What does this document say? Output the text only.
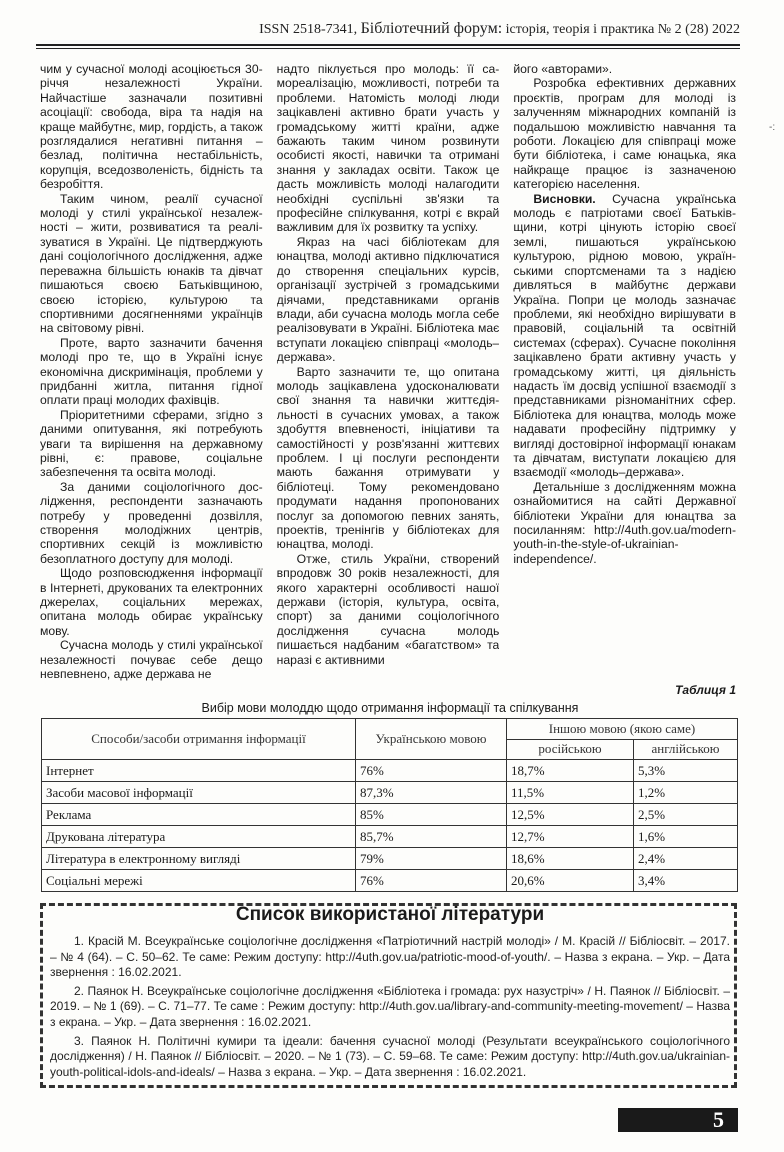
ISSN 2518-7341, Бібліотечний форум: історія, теорія і практика № 2 (28) 2022
-:

чим у сучасної молоді асоціюється 30-річчя незалежності України. Найчастіше зазначали позитивні асоціації: свобода, віра та надія на краще майбутнє, мир, гордість, а також розглядалися негативні питання – безлад, політична нестабільність, корупція, вседозволеність, бідність та безробіття.

Таким чином, реалії сучасної молоді у стилі української незалежності – жити, розвиватися та реалізуватися в Україні. Це підтверджують дані соціологічного дослідження, адже переважна більшість юнаків та дівчат пишаються своєю Батьківщиною, своєю історією, культурою та спортивними досягненнями українців на світовому рівні.

Проте, варто зазначити бачення молоді про те, що в Україні існує економічна дискримінація, проблеми у придбанні житла, питання гідної оплати праці молодих фахівців.

Пріоритетними сферами, згідно з даними опитування, які потребують уваги та вирішення на державному рівні, є: правове, соціальне забезпечення та освіта молоді.

За даними соціологічного дослідження, респонденти зазначають потребу у проведенні дозвілля, створення молодіжних центрів, спортивних секцій із можливістю безоплатного доступу для молоді.

Щодо розповсюдження інформації в Інтернеті, друкованих та електронних джерелах, соціальних мережах, опитана молодь обирає українську мову.

Сучасна молодь у стилі української незалежності почуває себе дещо невпевнено, адже держава не

надто піклується про молодь: її самореалізацію, можливості, потреби та проблеми. Натомість молоді люди зацікавлені активно брати участь у громадському житті країни, адже бажають таким чином розвинути особисті якості, навички та отримані знання у закладах освіти. Також це дасть можливість молоді налагодити необхідні суспільні зв'язки та професійне спілкування, котрі є вкрай важливим для їх розвитку та успіху.

Якраз на часі бібліотекам для юнацтва, молоді активно підключатися до створення спеціальних курсів, організації зустрічей з громадськими діячами, представниками органів влади, аби сучасна молодь могла себе реалізовувати в Україні. Бібліотека має вступати локацією співпраці «молодь–держава».

Варто зазначити те, що опитана молодь зацікавлена удосконалювати свої знання та навички життєдіяльності в сучасних умовах, а також здобуття впевненості, ініціативи та самостійності у розв'язанні життєвих проблем. І ці послуги респонденти мають бажання отримувати у бібліотеці. Тому рекомендовано продумати надання пропонованих послуг за допомогою певних занять, проектів, тренінгів у бібліотеках для юнацтва, молоді.

Отже, стиль України, створений впродовж 30 років незалежності, для якого характерні особливості нашої держави (історія, культура, освіта, спорт) за даними соціологічного дослідження сучасна молодь пишається надбаним «багатством» та наразі є активними

його «авторами».

Розробка ефективних державних проєктів, програм для молоді із залученням міжнародних компаній із подальшою можливістю навчання та роботи. Локацією для співпраці може бути бібліотека, і саме юнацька, яка найкраще працює із зазначеною категорією населення.

Висновки. Сучасна українська молодь є патріотами своєї Батьківщини, котрі цінують історію своєї землі, пишаються українською культурою, рідною мовою, українськими спортсменами та з надією дивляться в майбутнє держави Україна. Попри це молодь зазначає проблеми, які необхідно вирішувати в правовій, соціальній та освітній системах (сферах). Сучасне покоління зацікавлено брати активну участь у громадському житті, ця діяльність надасть їм досвід успішної взаємодії з представниками різноманітних сфер. Бібліотека для юнацтва, молодь може надавати професійну підтримку у вигляді достовірної інформації юнакам та дівчатам, виступати локацією для взаємодії «молодь–держава».

Детальніше з дослідженням можна ознайомитися на сайті Державної бібліотеки України для юнацтва за посиланням: http://4uth.gov.ua/modern-youth-in-the-style-of-ukrainian-independence/.

Таблиця 1
Вибір мови молоддю щодо отримання інформації та спілкування
Способи/засоби отримання інформації	Українською мовою	Іншою мовою (якою саме)	
		російською	англійською
Інтернет	76%	18,7%	5,3%
Засоби масової інформації	87,3%	11,5%	1,2%
Реклама	85%	12,5%	2,5%
Друкована література	85,7%	12,7%	1,6%
Література в електронному вигляді	79%	18,6%	2,4%
Соціальні мережі	76%	20,6%	3,4%
Список використаної літератури

1. Красій М. Всеукраїнське соціологічне дослідження «Патріотичний настрій молоді» / М. Красій // Бібліосвіт. – 2017. – № 4 (64). – С. 50–62. Те саме: Режим доступу: http://4uth.gov.ua/patriotic-mood-of-youth/. – Назва з екрана. – Укр. – Дата звернення : 16.02.2021.

2. Паянок Н. Всеукраїнське соціологічне дослідження «Бібліотека і громада: рух назустріч» / Н. Паянок // Бібліосвіт. – 2019. – № 1 (69). – С. 71–77. Те саме : Режим доступу: http://4uth.gov.ua/library-and-community-meeting-movement/ – Назва з екрана. – Укр. – Дата звернення : 16.02.2021.

3. Паянок Н. Політичні кумири та ідеали: бачення сучасної молоді (Результати всеукраїнського соціологічного дослідження) / Н. Паянок // Бібліосвіт. – 2020. – № 1 (73). – С. 59–68. Те саме: Режим доступу: http://4uth.gov.ua/ukrainian-youth-political-idols-and-ideals/ – Назва з екрана. – Укр. – Дата звернення : 16.02.2021.

5
